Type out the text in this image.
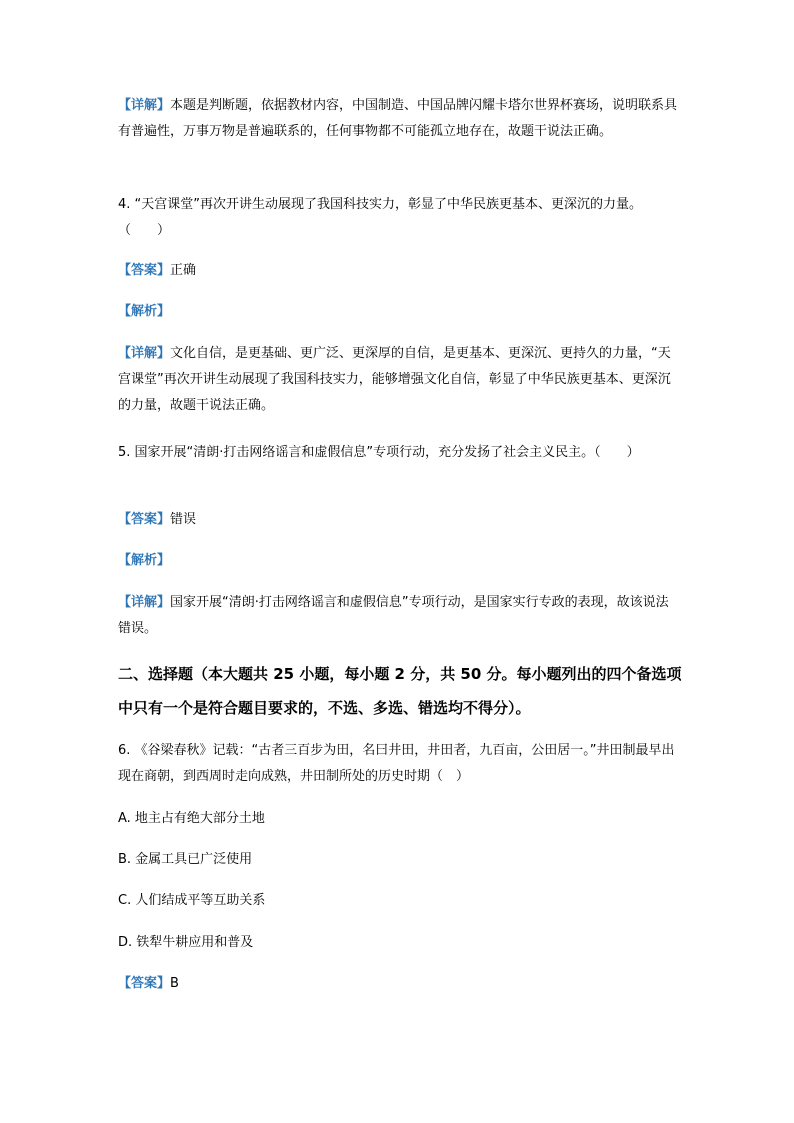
【详解】本题是判断题，依据教材内容，中国制造、中国品牌闪耀卡塔尔世界杯赛场，说明联系具有普遍性，万事万物是普遍联系的，任何事物都不可能孤立地存在，故题干说法正确。

4. “天宫课堂”再次开讲生动展现了我国科技实力，彰显了中华民族更基本、更深沉的力量。（　　）

【答案】正确

【解析】

【详解】文化自信，是更基础、更广泛、更深厚的自信，是更基本、更深沉、更持久的力量，“天宫课堂”再次开讲生动展现了我国科技实力，能够增强文化自信，彰显了中华民族更基本、更深沉的力量，故题干说法正确。

5. 国家开展“清朗·打击网络谣言和虚假信息”专项行动，充分发扬了社会主义民主。（　　）

【答案】错误

【解析】

【详解】国家开展“清朗·打击网络谣言和虚假信息”专项行动，是国家实行专政的表现，故该说法错误。

二、选择题（本大题共 25 小题，每小题 2 分，共 50 分。每小题列出的四个备选项中只有一个是符合题目要求的，不选、多选、错选均不得分）。

6. 《谷梁春秋》记载：“古者三百步为田，名曰井田，井田者，九百亩，公田居一。”井田制最早出现在商朝，到西周时走向成熟，井田制所处的历史时期（　）

A. 地主占有绝大部分土地

B. 金属工具已广泛使用

C. 人们结成平等互助关系

D. 铁犁牛耕应用和普及

【答案】B
